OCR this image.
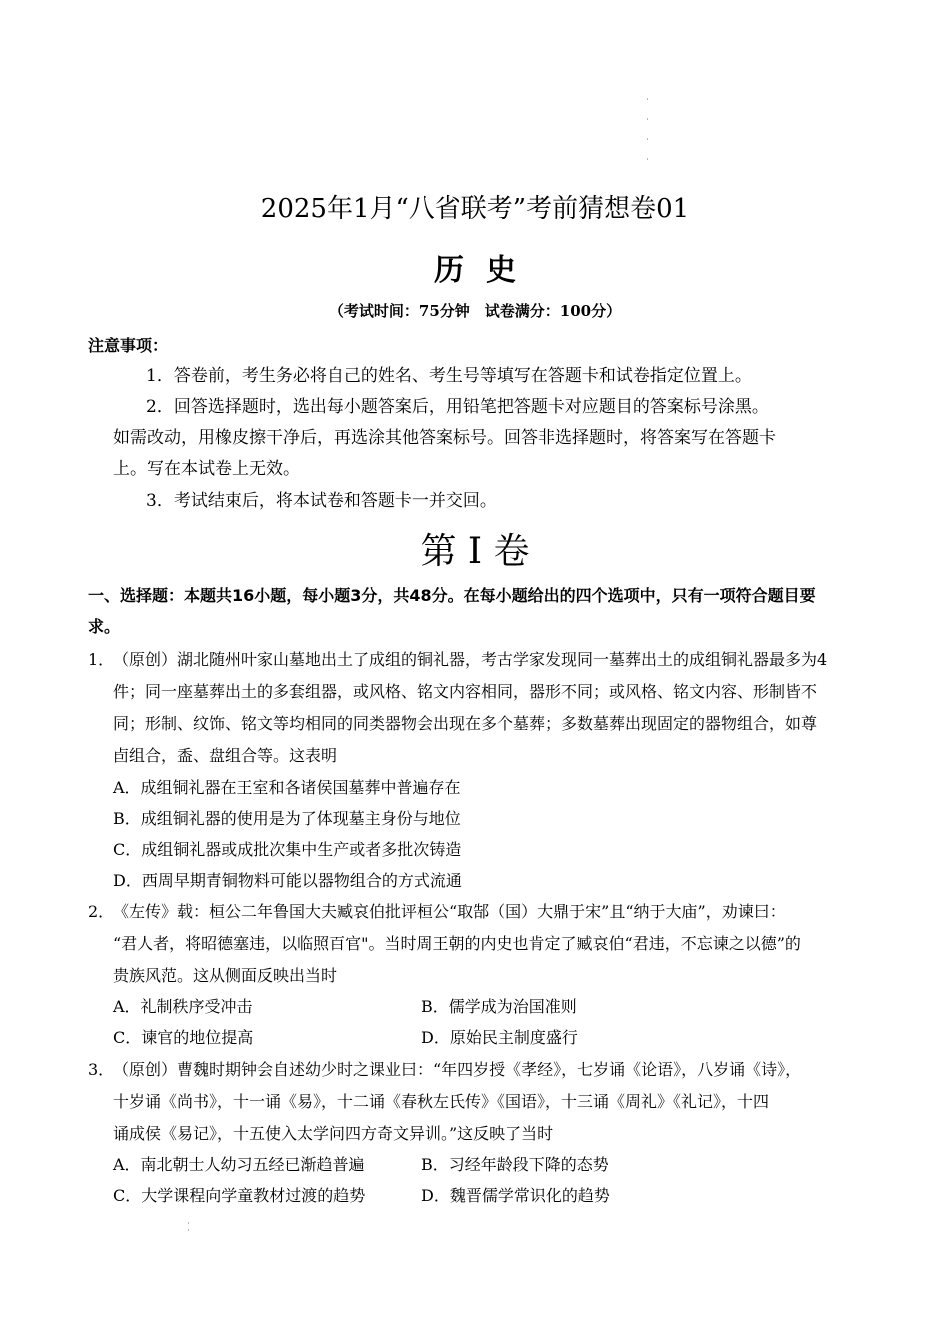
2025年1月“八省联考”考前猜想卷01
历史
（考试时间：75分钟　试卷满分：100分）
注意事项：
1．答卷前，考生务必将自己的姓名、考生号等填写在答题卡和试卷指定位置上。
2．回答选择题时，选出每小题答案后，用铅笔把答题卡对应题目的答案标号涂黑。
如需改动，用橡皮擦干净后，再选涂其他答案标号。回答非选择题时，将答案写在答题卡
上。写在本试卷上无效。
3．考试结束后，将本试卷和答题卡一并交回。
第 I 卷
一、选择题：本题共16小题，每小题3分，共48分。在每小题给出的四个选项中，只有一项符合题目要
求。
1．
（原创）湖北随州叶家山墓地出土了成组的铜礼器，考古学家发现同一墓葬出土的成组铜礼器最多为4
件；同一座墓葬出土的多套组器，或风格、铭文内容相同，器形不同；或风格、铭文内容、形制皆不
同；形制、纹饰、铭文等均相同的同类器物会出现在多个墓葬；多数墓葬出现固定的器物组合，如尊
卣组合，盉、盘组合等。这表明
A．成组铜礼器在王室和各诸侯国墓葬中普遍存在
B．成组铜礼器的使用是为了体现墓主身份与地位
C．成组铜礼器或成批次集中生产或者多批次铸造
D．西周早期青铜物料可能以器物组合的方式流通
2．
《左传》载：桓公二年鲁国大夫臧哀伯批评桓公“取郜（国）大鼎于宋”且“纳于大庙”，劝谏曰：
“君人者，将昭德塞违，以临照百官"。当时周王朝的内史也肯定了臧哀伯“君违，不忘谏之以德”的
贵族风范。这从侧面反映出当时
A．礼制秩序受冲击	B．儒学成为治国准则
C．谏官的地位提高	D．原始民主制度盛行
3．
（原创）曹魏时期钟会自述幼少时之课业曰：“年四岁授《孝经》，七岁诵《论语》，八岁诵《诗》，
十岁诵《尚书》，十一诵《易》，十二诵《春秋左氏传》《国语》，十三诵《周礼》《礼记》，十四
诵成侯《易记》，十五使入太学问四方奇文异训。”这反映了当时
A．南北朝士人幼习五经已渐趋普遍	B．习经年龄段下降的态势
C．大学课程向学童教材过渡的趋势	D．魏晋儒学常识化的趋势
